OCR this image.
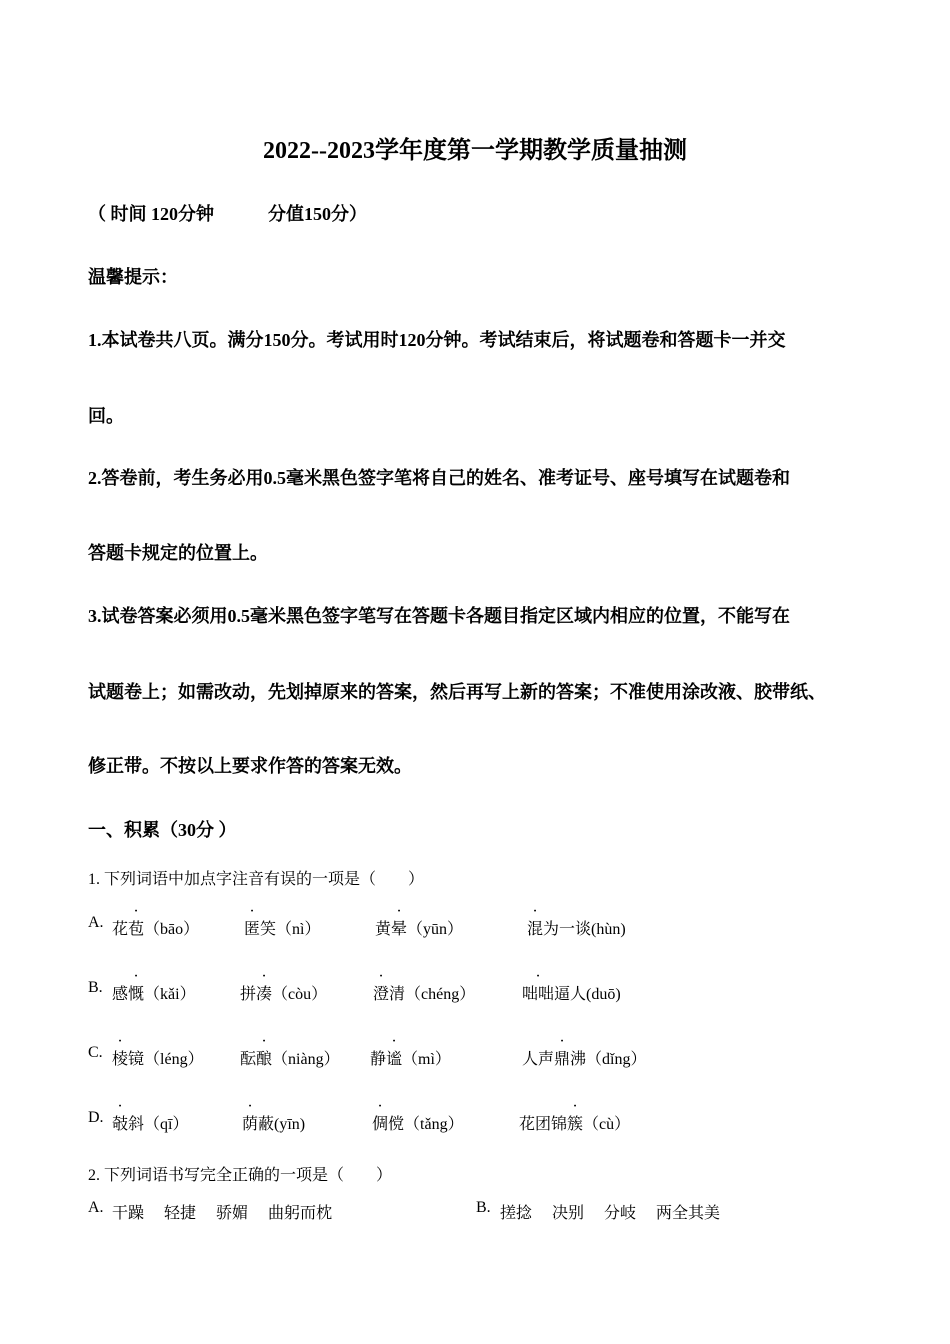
2022--2023学年度第一学期教学质量抽测
（ 时间 120分钟　　　分值150分）
温馨提示：
1.本试卷共八页。满分150分。考试用时120分钟。考试结束后，将试题卷和答题卡一并交
回。
2.答卷前，考生务必用0.5毫米黑色签字笔将自己的姓名、准考证号、座号填写在试题卷和
答题卡规定的位置上。
3.试卷答案必须用0.5毫米黑色签字笔写在答题卡各题目指定区域内相应的位置，不能写在
试题卷上；如需改动，先划掉原来的答案，然后再写上新的答案；不准使用涂改液、胶带纸、
修正带。不按以上要求作答的答案无效。
一、积累（30分 ）
1. 下列词语中加点字注音有误的一项是（　　）
A. 花苞（bāo）	匿笑（nì）	黄晕（yūn）	混为一谈(hùn)
B. 感慨（kǎi）	拼凑（còu）	澄清（chéng）	咄咄逼人(duō)
C. 棱镜（léng） 酝酿（niàng） 静谧（mì）	人声鼎沸（dǐng）
D. 攲斜（qī）	荫蔽(yīn)	倜傥（tǎng）	花团锦簇（cù）
2. 下列词语书写完全正确的一项是（　　）
A. 干躁　 轻捷　 骄媚　 曲躬而枕	B. 搓捻　 决别　 分岐　 两全其美
